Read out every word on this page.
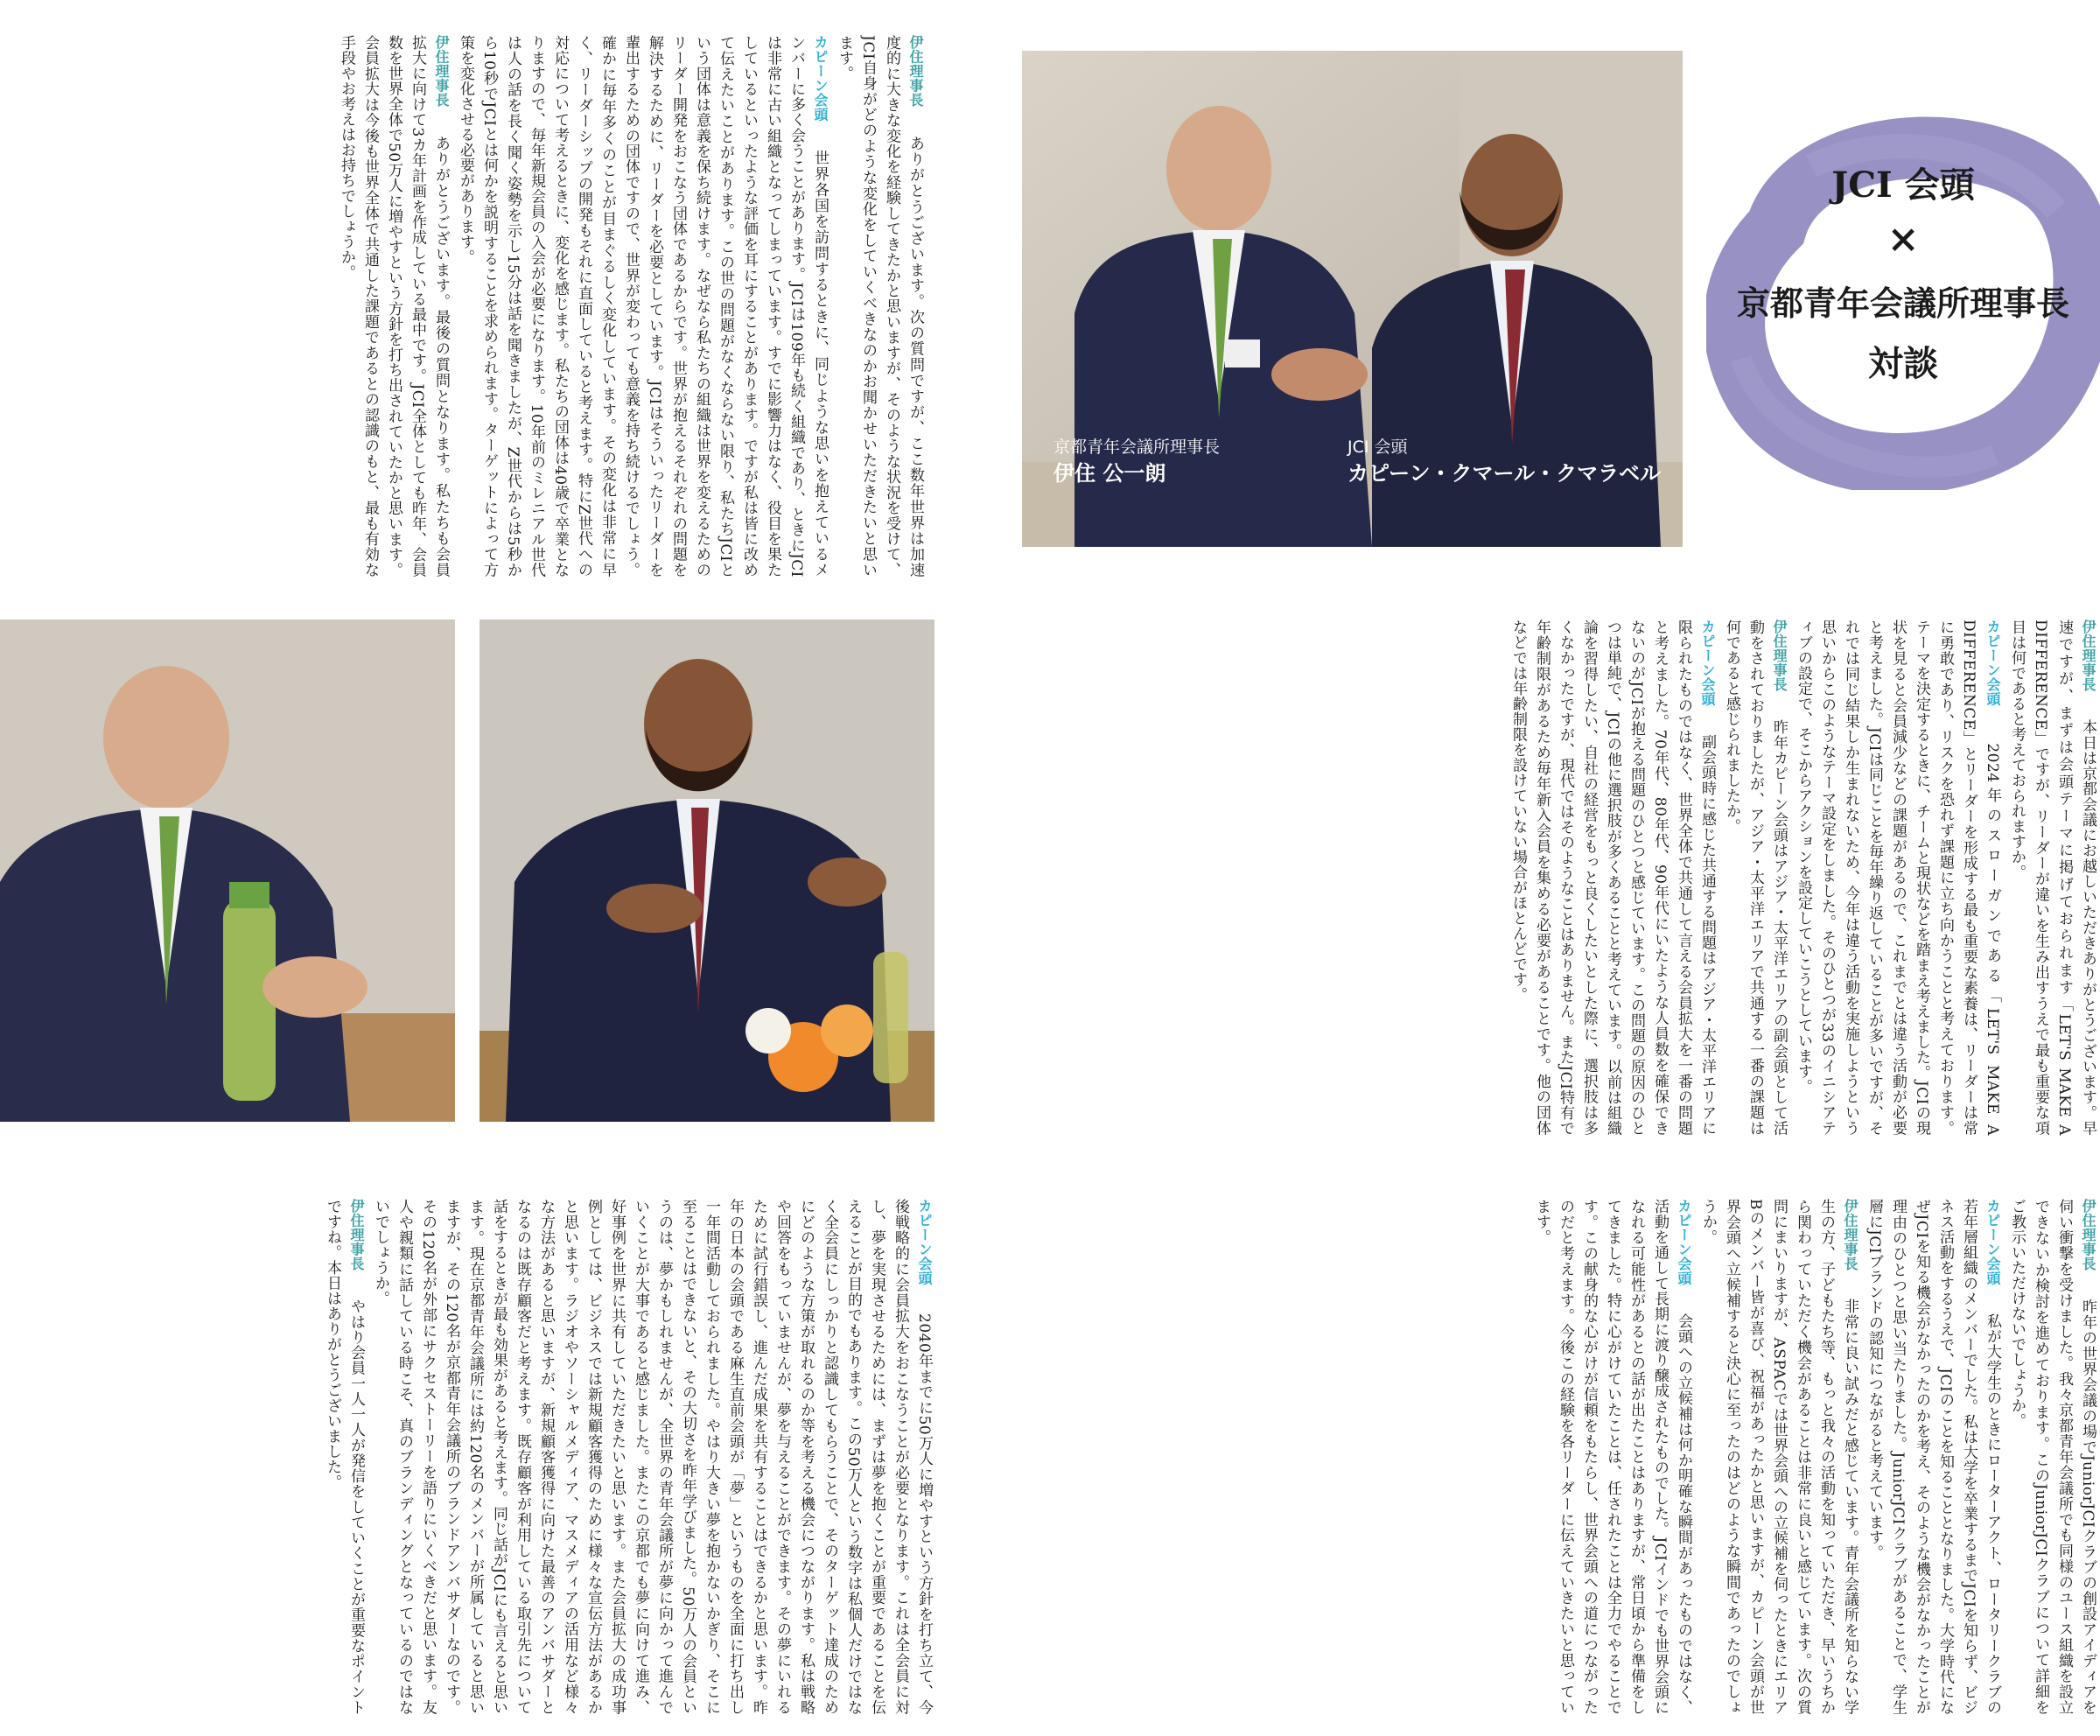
伊住理事長　ありがとうございます。次の質問ですが、ここ数年世界は加速度的に大きな変化を経験してきたかと思いますが、そのような状況を受けて、JCI自身がどのような変化をしていくべきなのかお聞かせいただきたいと思います。
カピーン会頭　世界各国を訪問するときに、同じような思いを抱えているメンバーに多く会うことがあります。JCIは109年も続く組織であり、ときにJCIは非常に古い組織となってしまっています。すでに影響力はなく、役目を果たしているといったような評価を耳にすることがあります。ですが私は皆に改めて伝えたいことがあります。この世の問題がなくならない限り、私たちJCIという団体は意義を保ち続けます。なぜなら私たちの組織は世界を変えるためのリーダー開発をおこなう団体であるからです。世界が抱えるそれぞれの問題を解決するために、リーダーを必要としています。JCIはそういったリーダーを輩出するための団体ですので、世界が変わっても意義を持ち続けるでしょう。確かに毎年多くのことが目まぐるしく変化しています。その変化は非常に早く、リーダーシップの開発もそれに直面していると考えます。特にZ世代への対応について考えるときに、変化を感じます。私たちの団体は40歳で卒業となりますので、毎年新規会員の入会が必要になります。10年前のミレニアル世代は人の話を長く聞く姿勢を示し15分は話を聞きましたが、Z世代からは5秒から10秒でJCIとは何かを説明することを求められます。ターゲットによって方策を変化させる必要があります。
伊住理事長　ありがとうございます。最後の質問となります。私たちも会員拡大に向けて3カ年計画を作成している最中です。JCI全体としても昨年、会員数を世界全体で50万人に増やすという方針を打ち出されていたかと思います。会員拡大は今後も世界全体で共通した課題であるとの認識のもと、最も有効な手段やお考えはお持ちでしょうか。	JCI 会頭
×
京都青年会議所理事長
対談
京都青年会議所理事長
伊住 公一朗
JCI 会頭
カピーン・クマール・クマラベル
伊住理事長　本日は京都会議にお越しいただきありがとうございます。早速ですが、まずは会頭テーマに掲げておられます「LET'S MAKE A DIFFERENCE」ですが、リーダーが違いを生み出すうえで最も重要な項目は何であると考えておられますか。
カピーン会頭　2024年のスローガンである「LET'S MAKE A DIFFERENCE」とリーダーを形成する最も重要な素養は、リーダーは常に勇敢であり、リスクを恐れず課題に立ち向かうことと考えております。テーマを決定するときに、チームと現状などを踏まえ考えました。JCIの現状を見ると会員減少などの課題があるので、これまでとは違う活動が必要と考えました。JCIは同じことを毎年繰り返していることが多いですが、それでは同じ結果しか生まれないため、今年は違う活動を実施しようという思いからこのようなテーマ設定をしました。そのひとつが33のイニシアティブの設定で、そこからアクションを設定していこうとしています。
伊住理事長　昨年カピーン会頭はアジア・太平洋エリアの副会頭として活動をされておりましたが、アジア・太平洋エリアで共通する一番の課題は何であると感じられましたか。
カピーン会頭　副会頭時に感じた共通する問題はアジア・太平洋エリアに限られたものではなく、世界全体で共通して言える会員拡大を一番の問題と考えました。70年代、80年代、90年代にいたような人員数を確保できないのがJCIが抱える問題のひとつと感じています。この問題の原因のひとつは単純で、JCIの他に選択肢が多くあることと考えています。以前は組織論を習得したい、自社の経営をもっと良くしたいとした際に、選択肢は多くなかったですが、現代ではそのようなことはありません。またJCI特有で年齢制限があるため毎年新入会員を集める必要があることです。他の団体などでは年齢制限を設けていない場合がほとんどです。
カピーン会頭　2040年までに50万人に増やすという方針を打ち立て、今後戦略的に会員拡大をおこなうことが必要となります。これは全会員に対し、夢を実現させるためには、まずは夢を抱くことが重要であることを伝えることが目的でもあります。この50万人という数字は私個人だけではなく全会員にしっかりと認識してもらうことで、そのターゲット達成のためにどのような方策が取れるのか等を考える機会につながります。私は戦略や回答をもっていませんが、夢を与えることができます。その夢にいれるために試行錯誤し、進んだ成果を共有することはできるかと思います。昨年の日本の会頭である麻生直前会頭が「夢」というものを全面に打ち出し一年間活動しておられました。やはり大きい夢を抱かないかぎり、そこに至ることはできないと、その大切さを昨年学びました。50万人の会員というのは、夢かもしれませんが、全世界の青年会議所が夢に向かって進んでいくことが大事であると感じました。またこの京都でも夢に向けて進み、好事例を世界に共有していただきたいと思います。また会員拡大の成功事例としては、ビジネスでは新規顧客獲得のために様々な宣伝方法があるかと思います。ラジオやソーシャルメディア、マスメディアの活用など様々な方法があると思いますが、新規顧客獲得に向けた最善のアンバサダーとなるのは既存顧客だと考えます。既存顧客が利用している取引先について話をするときが最も効果があると考えます。同じ話がJCIにも言えると思います。現在京都青年会議所には約120名のメンバーが所属していると思いますが、その120名が京都青年会議所のブランドアンバサダーなのです。その120名が外部にサクセストーリーを語りにいくべきだと思います。友人や親類に話している時こそ、真のブランディングとなっているのではないでしょうか。
伊住理事長　やはり会員一人一人が発信をしていくことが重要なポイントですね。本日はありがとうございました。	伊住理事長　昨年の世界会議の場でJuniorJCIクラブの創設アイディアを伺い衝撃を受けました。我々京都青年会議所でも同様のユース組織を設立できないか検討を進めております。このJuniorJCIクラブについて詳細をご教示いただけないでしょうか。
カピーン会頭　私が大学生のときにローターアクト、ロータリークラブの若年層組織のメンバーでした。私は大学を卒業するまでJCIを知らず、ビジネス活動をするうえで、JCIのことを知ることとなりました。大学時代になぜJCIを知る機会がなかったのかを考え、そのような機会がなかったことが理由のひとつと思い当たりました。JuniorJCIクラブがあることで、学生層にJCIブランドの認知につながると考えています。
伊住理事長　非常に良い試みだと感じています。青年会議所を知らない学生の方、子どもたち等、もっと我々の活動を知っていただき、早いうちから関わっていただく機会があることは非常に良いと感じています。次の質問にまいりますが、ASPACでは世界会頭への立候補を伺ったときにエリアBのメンバー皆が喜び、祝福があったかと思いますが、カピーン会頭が世界会頭へ立候補すると決心に至ったのはどのような瞬間であったのでしょうか。
カピーン会頭　会頭への立候補は何か明確な瞬間があったものではなく、活動を通して長期に渡り醸成されたものでした。JCIインドでも世界会頭になれる可能性があるとの話が出たことはありますが、常日頃から準備をしてきました。特に心がけていたことは、任されたことは全力でやることです。この献身的な心がけが信頼をもたらし、世界会頭への道につながったのだと考えます。今後この経験を各リーダーに伝えていきたいと思っています。
